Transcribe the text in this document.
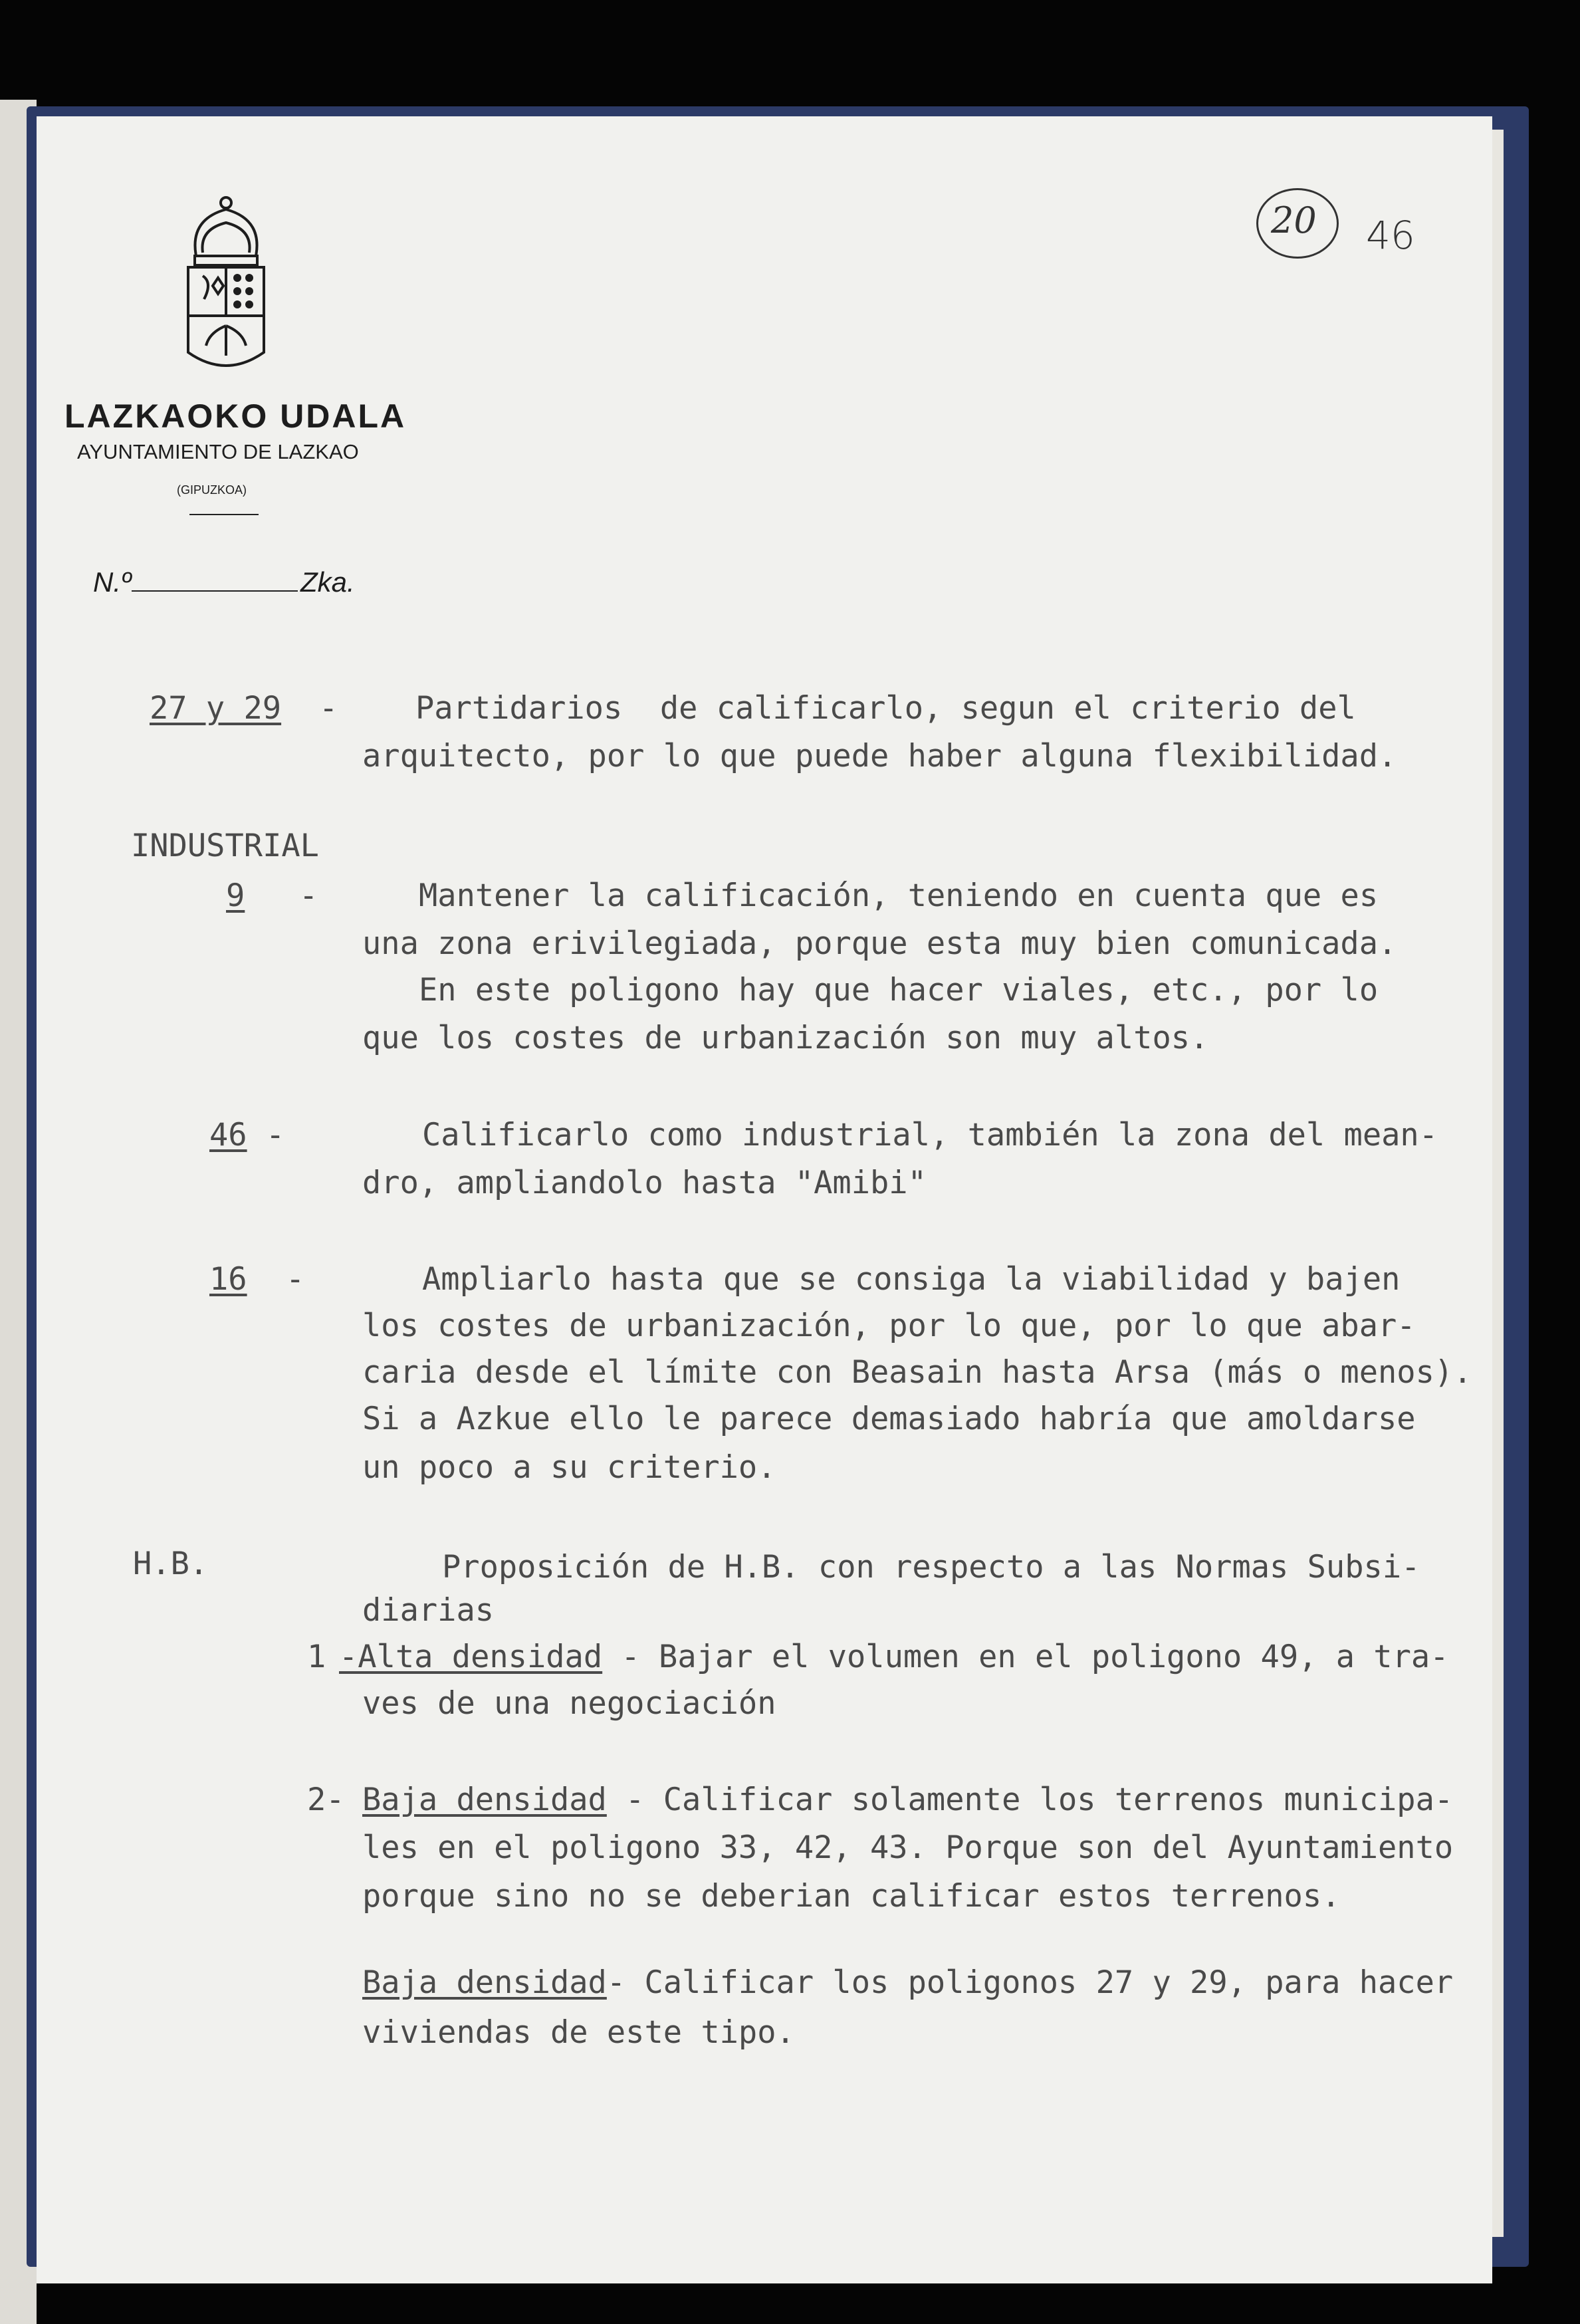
LAZKAOKO UDALA
AYUNTAMIENTO DE LAZKAO
(GIPUZKOA)
N.º	Zka.
20 46
27 y 29 - Partidarios  de calificarlo, segun el criterio del
arquitecto, por lo que puede haber alguna flexibilidad.
INDUSTRIAL
9 -	Mantener la calificación, teniendo en cuenta que es
una zona erivilegiada, porque esta muy bien comunicada.
En este poligono hay que hacer viales, etc., por lo
que los costes de urbanización son muy altos.
46 -	Calificarlo como industrial, también la zona del mean-
dro, ampliandolo hasta "Amibi"
16 -	Ampliarlo hasta que se consiga la viabilidad y bajen
los costes de urbanización, por lo que, por lo que abar-
caria desde el límite con Beasain hasta Arsa (más o menos).
Si a Azkue ello le parece demasiado habría que amoldarse
un poco a su criterio.
H.B.	Proposición de H.B. con respecto a las Normas Subsi-
diarias
1 -Alta densidad - Bajar el volumen en el poligono 49, a tra-
ves de una negociación
2- Baja densidad - Calificar solamente los terrenos municipa-
les en el poligono 33, 42, 43. Porque son del Ayuntamiento
porque sino no se deberian calificar estos terrenos.
Baja densidad- Calificar los poligonos 27 y 29, para hacer
viviendas de este tipo.
